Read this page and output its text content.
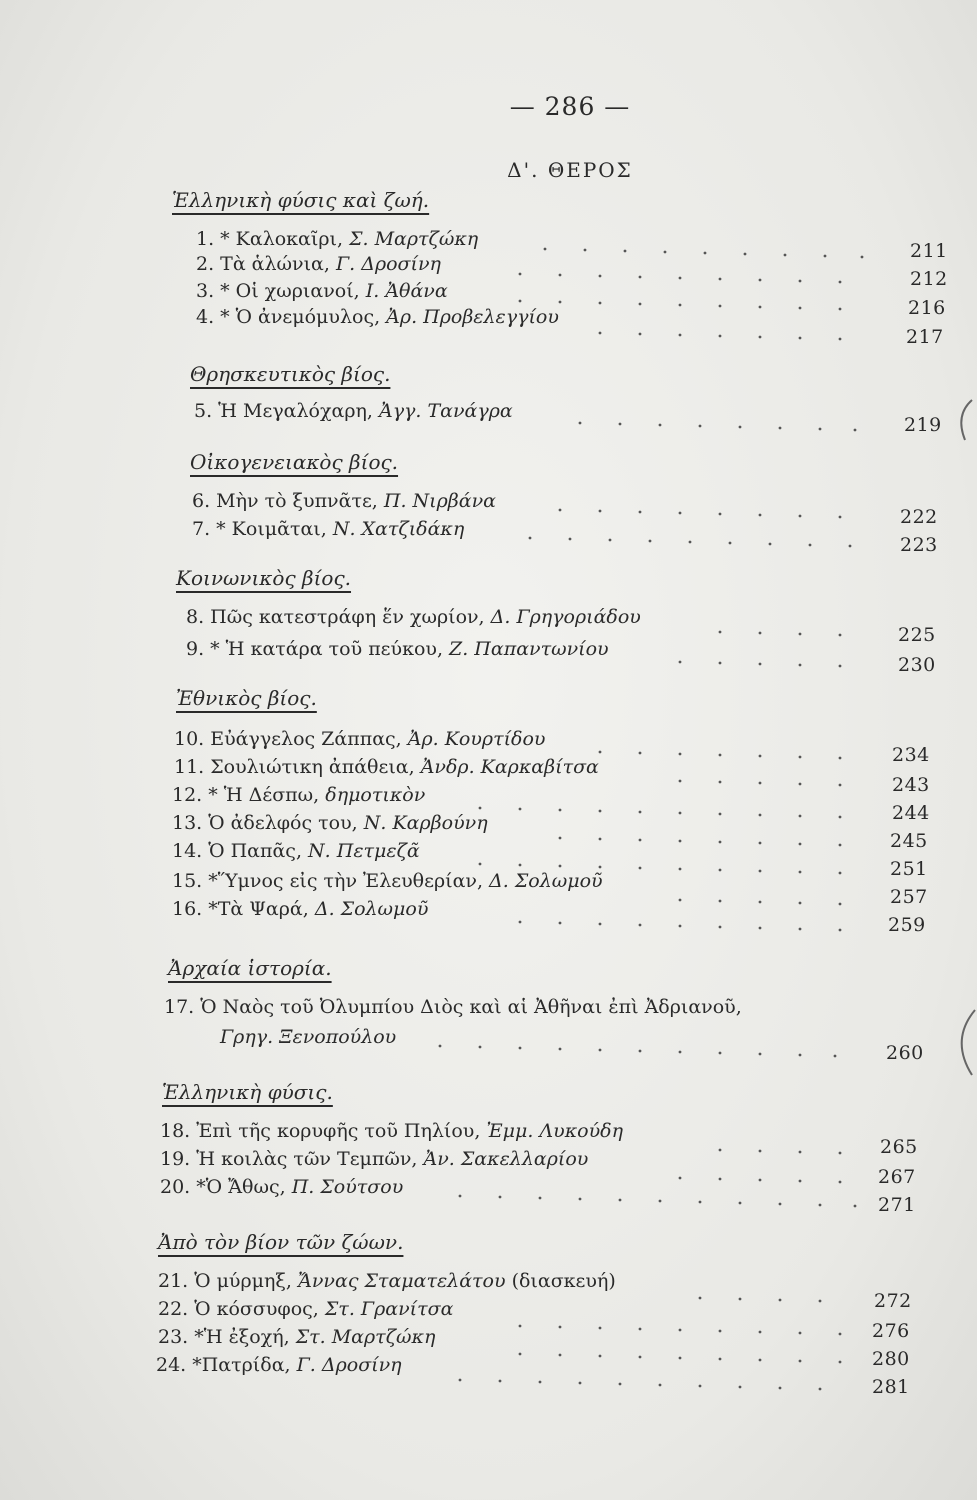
— 286 —
Δ'. ΘΕΡΟΣ
Ἑλληνικὴ φύσις καὶ ζωή.
Θρησκευτικὸς βίος.
Οἰκογενειακὸς βίος.
Κοινωνικὸς βίος.
Ἐθνικὸς βίος.
Ἀρχαία ἱστορία.
Ἑλληνικὴ φύσις.
Ἀπὸ τὸν βίον τῶν ζώων.
1. * Καλοκαῖρι, Σ. Μαρτζώκη
211
2. Τὰ ἁλώνια, Γ. Δροσίνη
212
3. * Οἱ χωριανοί, Ι. Ἀθάνα
216
4. * Ὁ ἀνεμόμυλος, Ἀρ. Προβελεγγίου
217
5. Ἡ Μεγαλόχαρη, Ἀγγ. Τανάγρα
219
6. Μὴν τὸ ξυπνᾶτε, Π. Νιρβάνα
222
7. * Κοιμᾶται, Ν. Χατζιδάκη
223
8. Πῶς κατεστράφη ἕν χωρίον, Δ. Γρηγοριάδου
225
9. * Ἡ κατάρα τοῦ πεύκου, Ζ. Παπαντωνίου
230
10. Εὐάγγελος Ζάππας, Ἀρ. Κουρτίδου
234
11. Σουλιώτικη ἀπάθεια, Ἀνδρ. Καρκαβίτσα
243
12. * Ἡ Δέσπω, δημοτικὸν
244
13. Ὁ ἀδελφός του, Ν. Καρβούνη
245
14. Ὁ Παπᾶς, Ν. Πετμεζᾶ
251
15. *Ὕμνος εἰς τὴν Ἐλευθερίαν, Δ. Σολωμοῦ
257
16. *Τὰ Ψαρά, Δ. Σολωμοῦ
259
17. Ὁ Ναὸς τοῦ Ὀλυμπίου Διὸς καὶ αἱ Ἀθῆναι ἐπὶ Ἀδριανοῦ,
Γρηγ. Ξενοπούλου
260
18. Ἐπὶ τῆς κορυφῆς τοῦ Πηλίου, Ἐμμ. Λυκούδη
265
19. Ἡ κοιλὰς τῶν Τεμπῶν, Ἀν. Σακελλαρίου
267
20. *Ὁ Ἄθως, Π. Σούτσου
271
21. Ὁ μύρμηξ, Ἄννας Σταματελάτου (διασκευή)
272
22. Ὁ κόσσυφος, Στ. Γρανίτσα
276
23. *Ἡ ἐξοχή, Στ. Μαρτζώκη
280
24. *Πατρίδα, Γ. Δροσίνη
281
